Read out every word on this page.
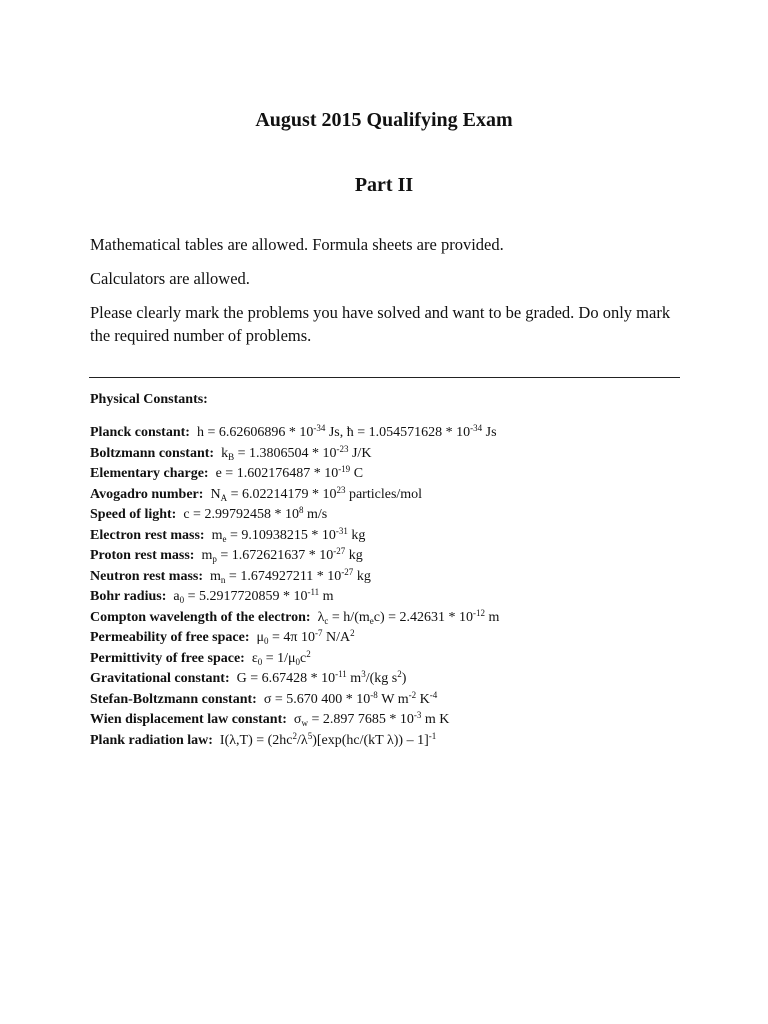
August 2015 Qualifying Exam
Part II
Mathematical tables are allowed. Formula sheets are provided.
Calculators are allowed.
Please clearly mark the problems you have solved and want to be graded. Do only mark the required number of problems.
Physical Constants:
Planck constant:  $h = 6.62606896 * 10^{-34}$ Js, ħ = $1.054571628 * 10^{-34}$ Js
Boltzmann constant:  $k_B = 1.3806504 * 10^{-23}$ J/K
Elementary charge:  $e = 1.602176487 * 10^{-19}$ C
Avogadro number:  $N_A = 6.02214179 * 10^{23}$ particles/mol
Speed of light:  $c = 2.99792458 * 10^8$ m/s
Electron rest mass:  $m_e = 9.10938215 * 10^{-31}$ kg
Proton rest mass:  $m_p = 1.672621637 * 10^{-27}$ kg
Neutron rest mass:  $m_n = 1.674927211 * 10^{-27}$ kg
Bohr radius:  $a_0 = 5.2917720859 * 10^{-11}$ m
Compton wavelength of the electron:  $\lambda_c = h/(m_ec) = 2.42631 * 10^{-12}$ m
Permeability of free space:  $\mu_0 = 4\pi$ $10^{-7}$ $N/A^2$
Permittivity of free space:  $\varepsilon_0 = 1/\mu_0c^2$
Gravitational constant:  $G = 6.67428 * 10^{-11}$ $m^3/(kg$ $s^2$)
Stefan-Boltzmann constant:  σ = 5.670 $400 * 10^{-8}$ W $m^{-2}$ $K^{-4}$
Wien displacement law constant:  $\sigma_w = 2.897$ $7685 * 10^{-3}$ m K
Plank radiation law:  $I(\lambda,T) = (2hc^2/\lambda^5)[\exp(hc/(kT$ λ)) – 1]$^{-1}$
